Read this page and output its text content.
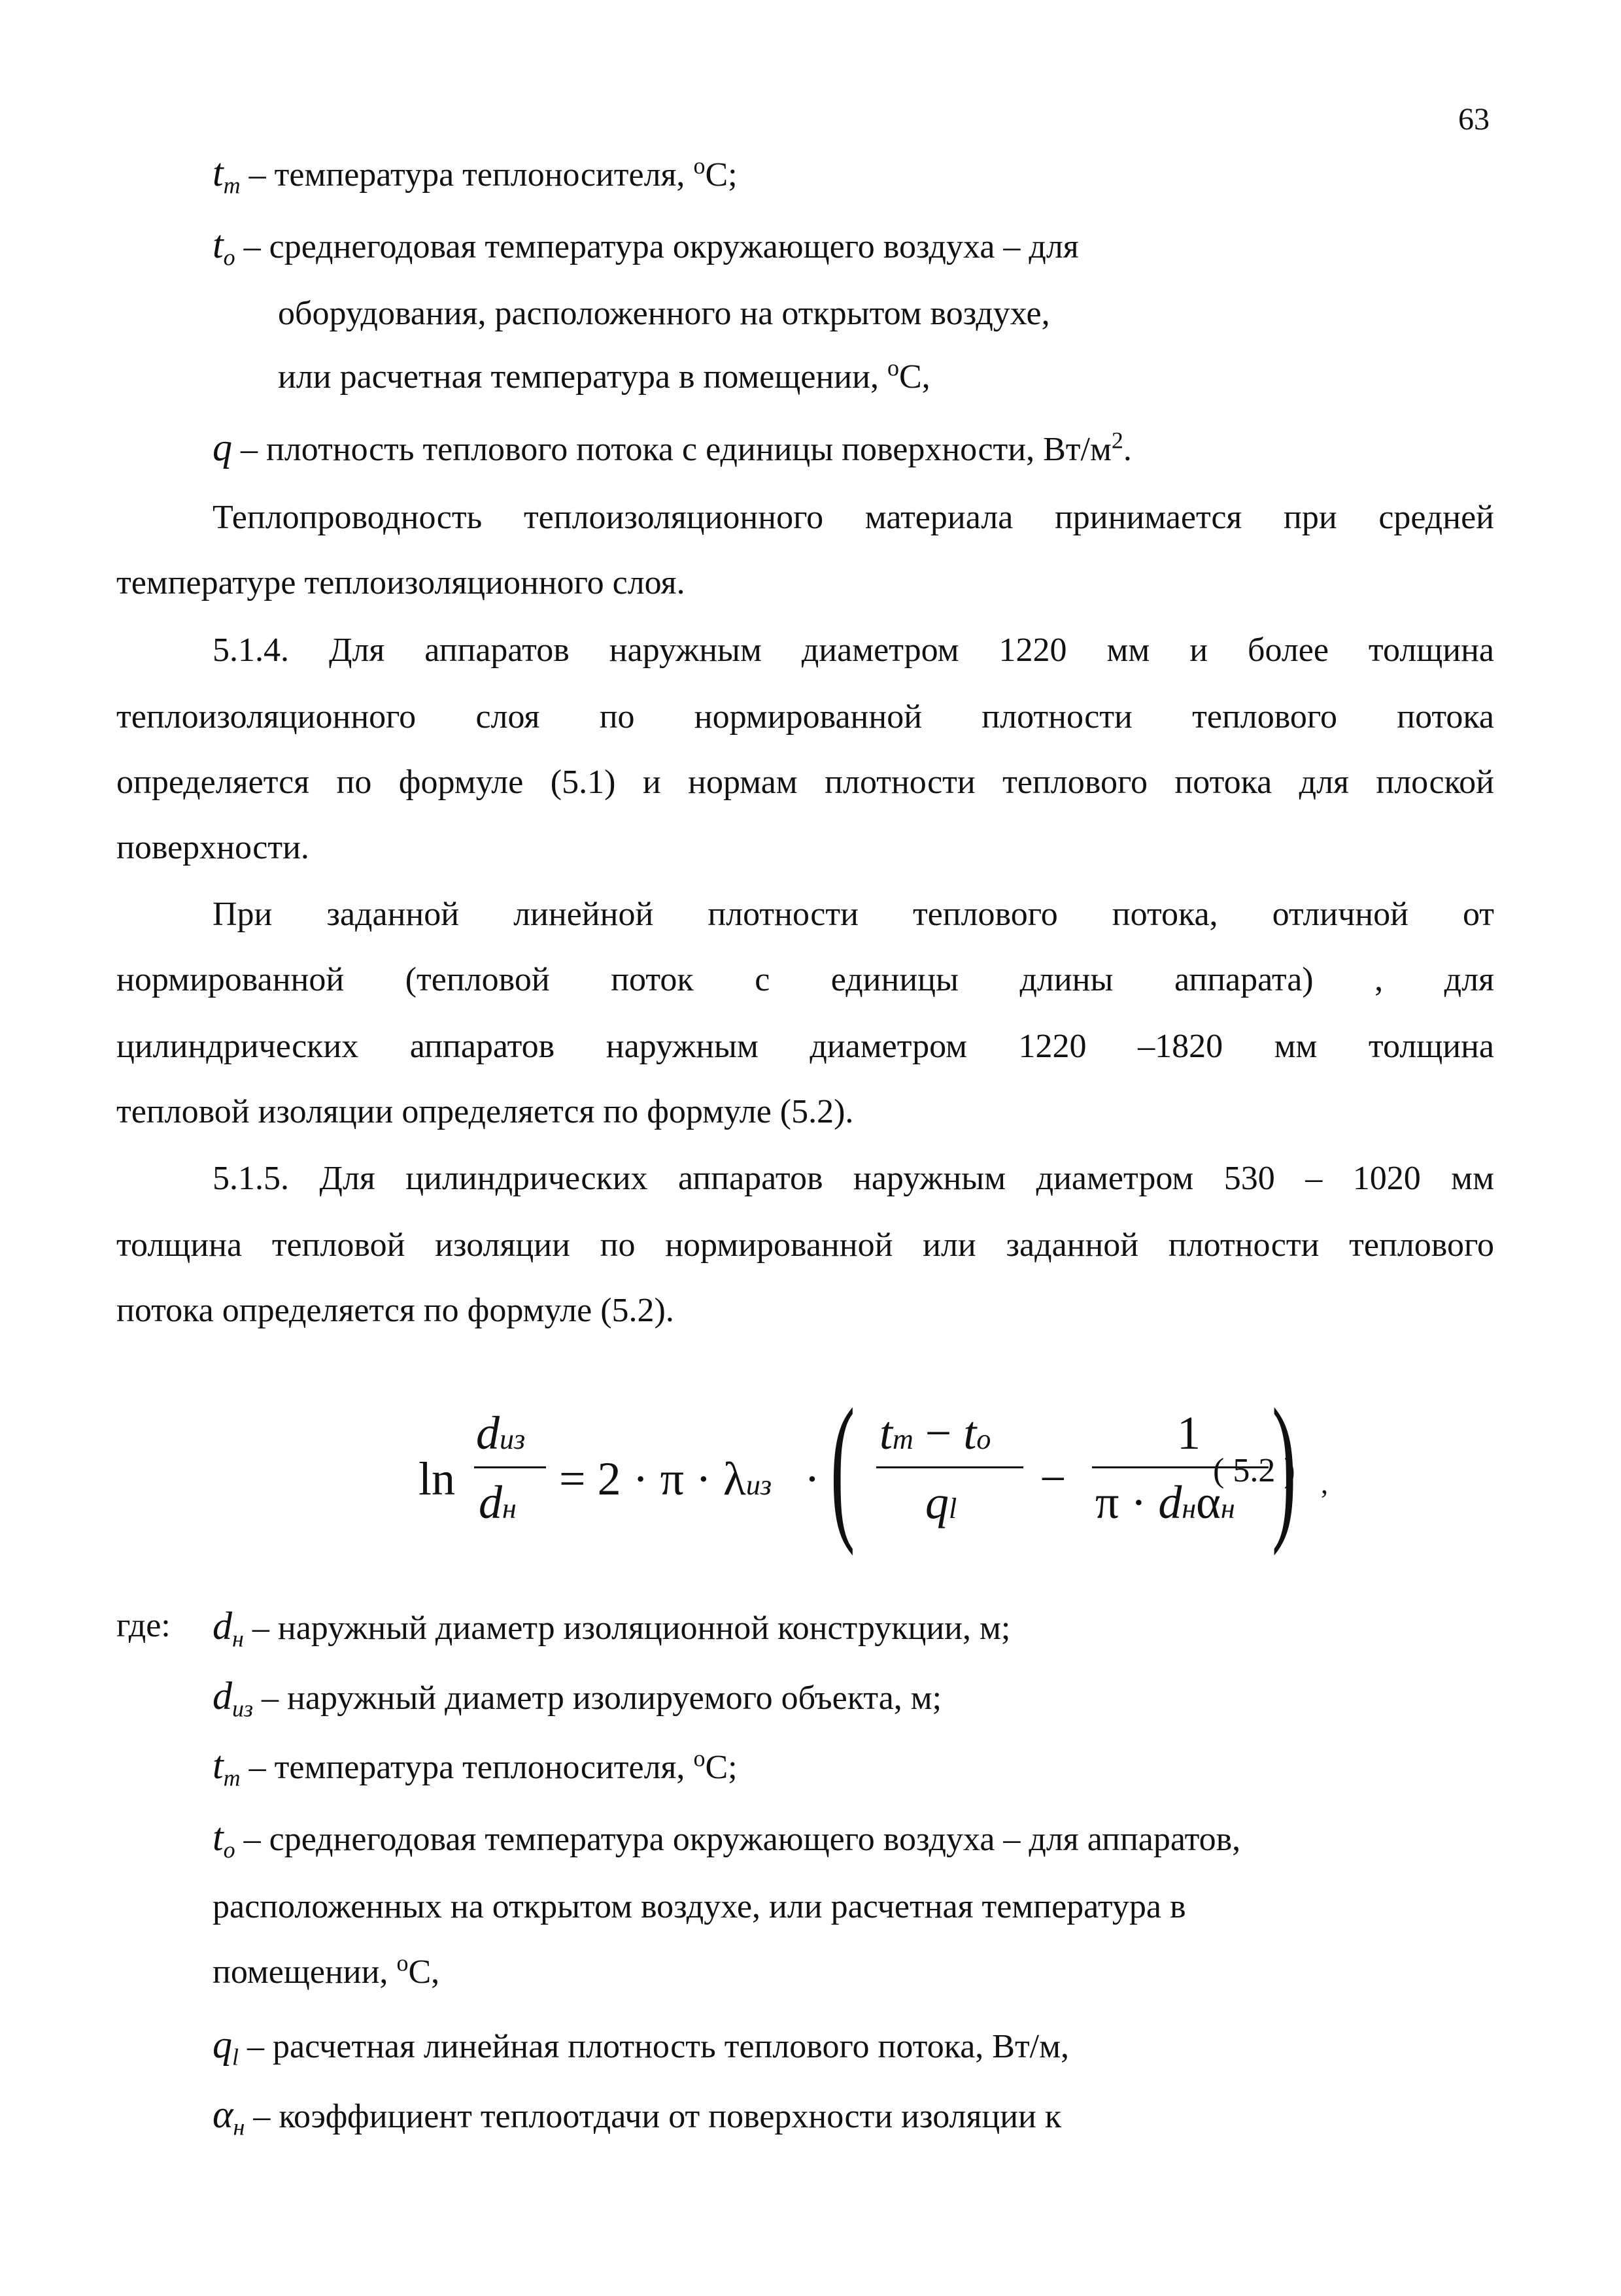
63
$t_т$ – температура теплоносителя, $^o$С;
$t_o$ – среднегодовая температура окружающего воздуха – для
оборудования, расположенного на открытом воздухе,
или расчетная температура в помещении, $^o$С,
q – плотность теплового потока с единицы поверхности, $Вт/м^2$.
Теплопроводность теплоизоляционного материала принимается при средней
температуре теплоизоляционного слоя.
5.1.4. Для аппаратов наружным диаметром 1220 мм и более толщина
теплоизоляционного слоя по нормированной плотности теплового потока
определяется по формуле (5.1) и нормам плотности теплового потока для плоской
поверхности.
При заданной линейной плотности теплового потока, отличной от
нормированной (тепловой поток с единицы длины аппарата) , для
цилиндрических аппаратов наружным диаметром 1220 –1820 мм толщина
тепловой изоляции определяется по формуле (5.2).
5.1.5. Для цилиндрических аппаратов наружным диаметром 530 – 1020 мм
толщина тепловой изоляции по нормированной или заданной плотности теплового
потока определяется по формуле (5.2).
ln
dиз
dн
= 2 · π · λиз · ( tт − to
ql
−
1
π · dнαн ) ,
( 5.2 )
где: $d_н$ – наружный диаметр изоляционной конструкции, м;
$d_{из}$ – наружный диаметр изолируемого объекта, м;
$t_т$ – температура теплоносителя, $^o$С;
$t_o$ – среднегодовая температура окружающего воздуха – для аппаратов,
расположенных на открытом воздухе, или расчетная температура в
помещении, $^o$С,
$q_l$ – расчетная линейная плотность теплового потока, Вт/м,
$\alpha_н$ – коэффициент теплоотдачи от поверхности изоляции к
